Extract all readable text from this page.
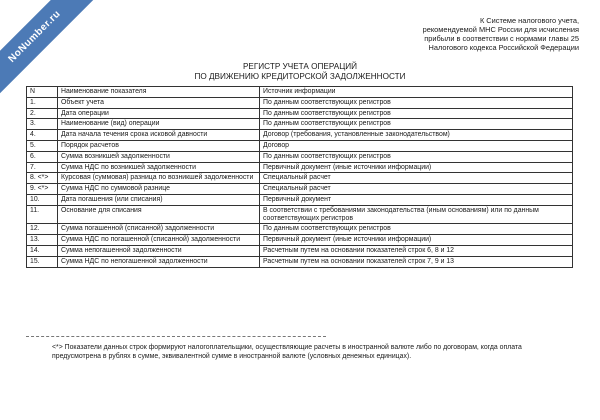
NoNumber.ru	К Системе налогового учета,
рекомендуемой МНС России для исчисления
прибыли в соответствии с нормами главы 25
Налогового кодекса Российской Федерации
РЕГИСТР УЧЕТА ОПЕРАЦИЙ
ПО ДВИЖЕНИЮ КРЕДИТОРСКОЙ ЗАДОЛЖЕННОСТИ
N	Наименование показателя	Источник информации
1.	Объект учета	По данным соответствующих регистров
2.	Дата операции	По данным соответствующих регистров
3.	Наименование (вид) операции	По данным соответствующих регистров
4.	Дата начала течения срока исковой давности	Договор (требования, установленные законодательством)
5.	Порядок расчетов	Договор
6.	Сумма возникшей задолженности	По данным соответствующих регистров
7.	Сумма НДС по возникшей задолженности	Первичный документ (иные источники информации)
8. <*>	Курсовая (суммовая) разница по возникшей задолженности	Специальный расчет
9. <*>	Сумма НДС по суммовой разнице	Специальный расчет
10.	Дата погашения (или списания)	Первичный документ
11.	Основание для списания	В соответствии с требованиями законодательства (иным основаниям) или по данным соответствующих регистров
12.	Сумма погашенной (списанной) задолженности	По данным соответствующих регистров
13.	Сумма НДС по погашенной (списанной) задолженности	Первичный документ (иные источники информации)
14.	Сумма непогашенной задолженности	Расчетным путем на основании показателей строк 6, 8 и 12
15.	Сумма НДС по непогашенной задолженности	Расчетным путем на основании показателей строк 7, 9 и 13
<*> Показатели данных строк формируют налогоплательщики, осуществляющие расчеты в иностранной валюте либо по договорам, когда оплата предусмотрена в рублях в сумме, эквивалентной сумме в иностранной валюте (условных денежных единицах).
